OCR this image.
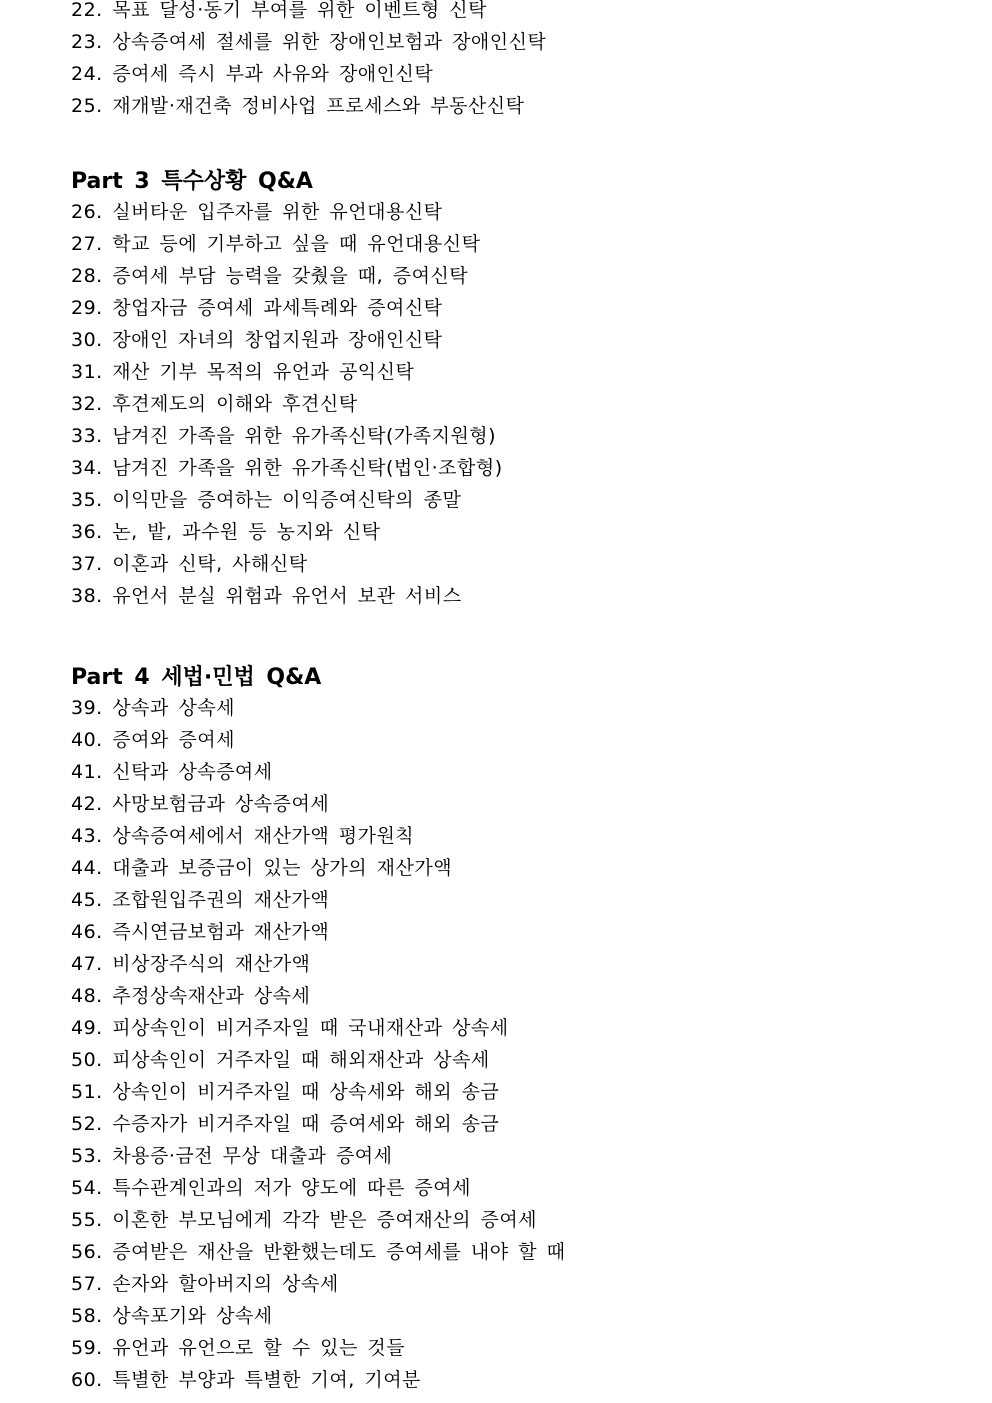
22. 목표 달성·동기 부여를 위한 이벤트형 신탁
23. 상속증여세 절세를 위한 장애인보험과 장애인신탁
24. 증여세 즉시 부과 사유와 장애인신탁
25. 재개발·재건축 정비사업 프로세스와 부동산신탁
Part 3 특수상황 Q&A
26. 실버타운 입주자를 위한 유언대용신탁
27. 학교 등에 기부하고 싶을 때 유언대용신탁
28. 증여세 부담 능력을 갖췄을 때, 증여신탁
29. 창업자금 증여세 과세특례와 증여신탁
30. 장애인 자녀의 창업지원과 장애인신탁
31. 재산 기부 목적의 유언과 공익신탁
32. 후견제도의 이해와 후견신탁
33. 남겨진 가족을 위한 유가족신탁(가족지원형)
34. 남겨진 가족을 위한 유가족신탁(법인·조합형)
35. 이익만을 증여하는 이익증여신탁의 종말
36. 논, 밭, 과수원 등 농지와 신탁
37. 이혼과 신탁, 사해신탁
38. 유언서 분실 위험과 유언서 보관 서비스
Part 4 세법·민법 Q&A
39. 상속과 상속세
40. 증여와 증여세
41. 신탁과 상속증여세
42. 사망보험금과 상속증여세
43. 상속증여세에서 재산가액 평가원칙
44. 대출과 보증금이 있는 상가의 재산가액
45. 조합원입주권의 재산가액
46. 즉시연금보험과 재산가액
47. 비상장주식의 재산가액
48. 추정상속재산과 상속세
49. 피상속인이 비거주자일 때 국내재산과 상속세
50. 피상속인이 거주자일 때 해외재산과 상속세
51. 상속인이 비거주자일 때 상속세와 해외 송금
52. 수증자가 비거주자일 때 증여세와 해외 송금
53. 차용증·금전 무상 대출과 증여세
54. 특수관계인과의 저가 양도에 따른 증여세
55. 이혼한 부모님에게 각각 받은 증여재산의 증여세
56. 증여받은 재산을 반환했는데도 증여세를 내야 할 때
57. 손자와 할아버지의 상속세
58. 상속포기와 상속세
59. 유언과 유언으로 할 수 있는 것들
60. 특별한 부양과 특별한 기여, 기여분
